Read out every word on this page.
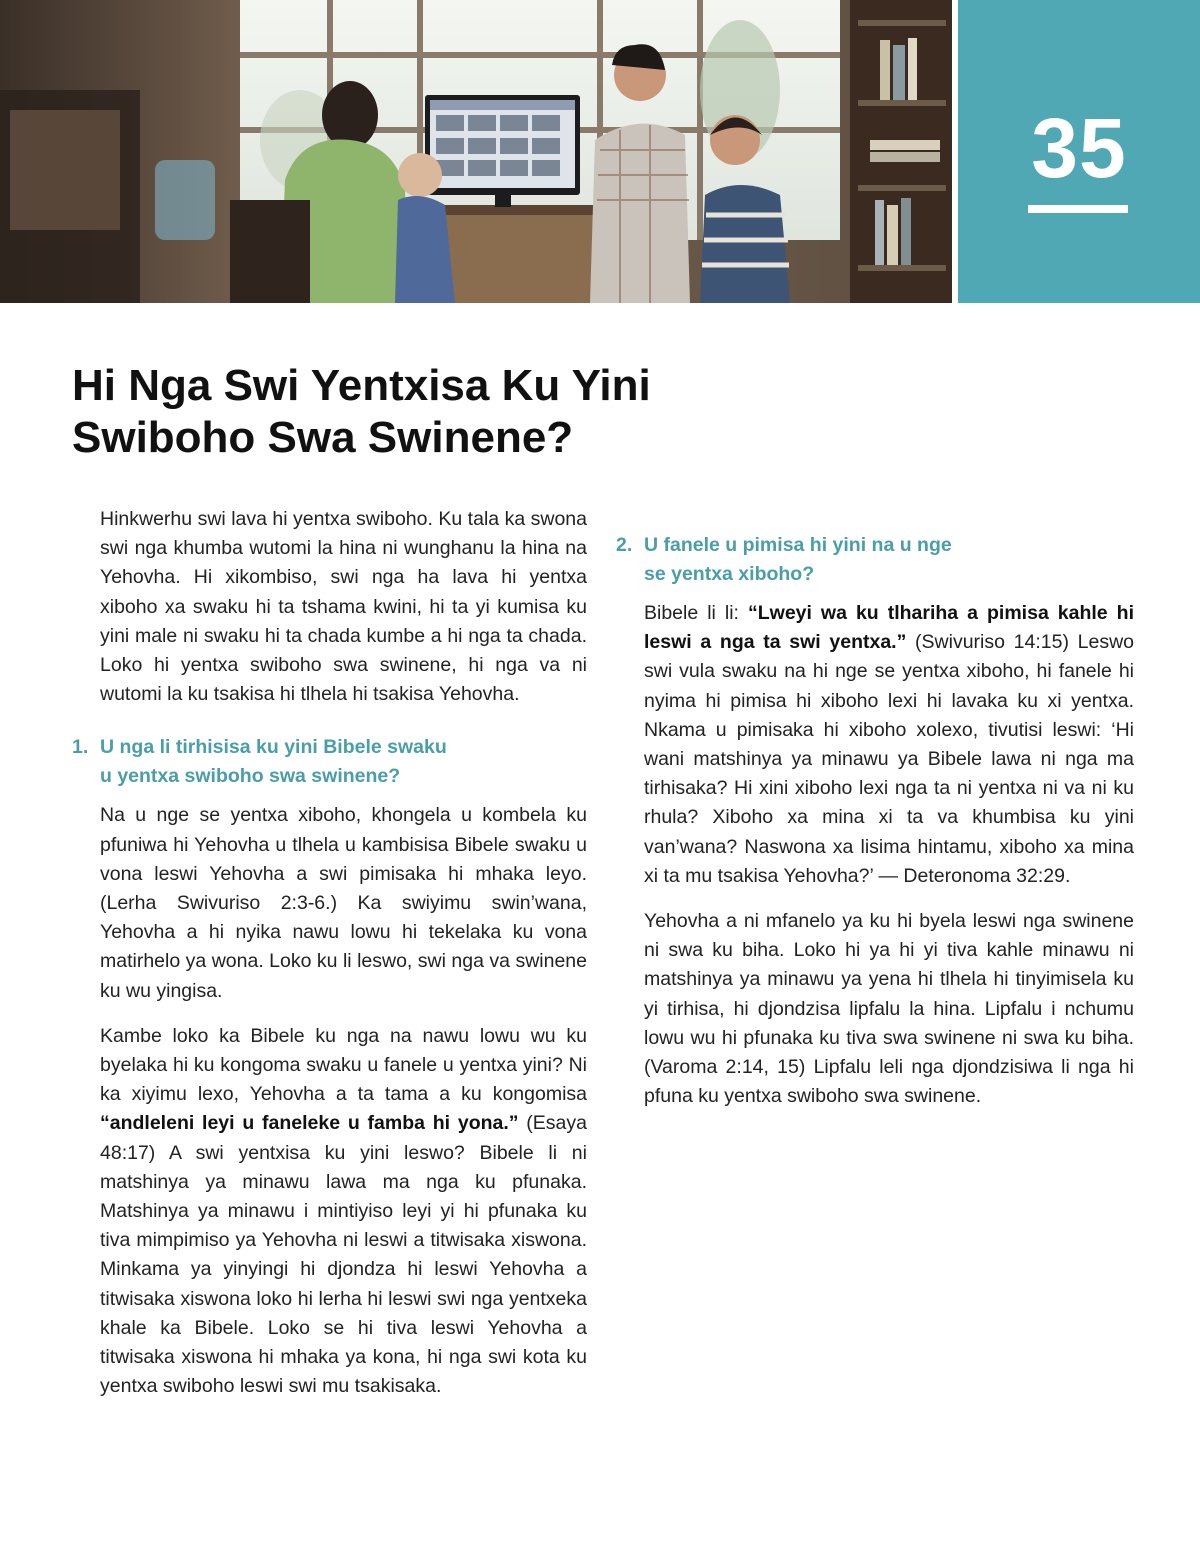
35
Hi Nga Swi Yentxisa Ku Yini
Swiboho Swa Swinene?

Hinkwerhu swi lava hi yentxa swiboho. Ku tala ka swona swi nga khumba wutomi la hina ni wunghanu la hina na Yehovha. Hi xikombiso, swi nga ha lava hi yentxa xiboho xa swaku hi ta tshama kwini, hi ta yi kumisa ku yini male ni swaku hi ta chada kumbe a hi nga ta chada. Loko hi yentxa swiboho swa swinene, hi nga va ni wutomi la ku tsakisa hi tlhela hi tsakisa Yehovha.

1. U nga li tirhisisa ku yini Bibele swaku
u yentxa swiboho swa swinene?

Na u nge se yentxa xiboho, khongela u kombela ku pfuniwa hi Yehovha u tlhela u kambisisa Bibele swaku u vona leswi Yehovha a swi pimisaka hi mhaka leyo. (Lerha Swivuriso 2:3-6.) Ka swiyimu swin’wana, Yehovha a hi nyika nawu lowu hi tekelaka ku vona matirhelo ya wona. Loko ku li leswo, swi nga va swinene ku wu yingisa.

Kambe loko ka Bibele ku nga na nawu lowu wu ku byelaka hi ku kongoma swaku u fanele u yentxa yini? Ni ka xiyimu lexo, Yehovha a ta tama a ku kongomisa “andleleni leyi u faneleke u famba hi yona.” (Esaya 48:17) A swi yentxisa ku yini leswo? Bibele li ni matshinya ya minawu lawa ma nga ku pfunaka. Matshinya ya minawu i mintiyiso leyi yi hi pfunaka ku tiva mimpimiso ya Yehovha ni leswi a titwisaka xiswona. Minkama ya yinyingi hi djondza hi leswi Yehovha a titwisaka xiswona loko hi lerha hi leswi swi nga yentxeka khale ka Bibele. Loko se hi tiva leswi Yehovha a titwisaka xiswona hi mhaka ya kona, hi nga swi kota ku yentxa swiboho leswi swi mu tsakisaka.

2. U fanele u pimisa hi yini na u nge
se yentxa xiboho?

Bibele li li: “Lweyi wa ku tlhariha a pimisa kahle hi leswi a nga ta swi yentxa.” (Swivuriso 14:15) Leswo swi vula swaku na hi nge se yentxa xiboho, hi fanele hi nyima hi pimisa hi xiboho lexi hi lavaka ku xi yentxa. Nkama u pimisaka hi xiboho xolexo, tivutisi leswi: ‘Hi wani matshinya ya minawu ya Bibele lawa ni nga ma tirhisaka? Hi xini xiboho lexi nga ta ni yentxa ni va ni ku rhula? Xiboho xa mina xi ta va khumbisa ku yini van’wana? Naswona xa lisima hintamu, xiboho xa mina xi ta mu tsakisa Yehovha?’ — Deteronoma 32:29.

Yehovha a ni mfanelo ya ku hi byela leswi nga swinene ni swa ku biha. Loko hi ya hi yi tiva kahle minawu ni matshinya ya minawu ya yena hi tlhela hi tinyimisela ku yi tirhisa, hi djondzisa lipfalu la hina. Lipfalu i nchumu lowu wu hi pfunaka ku tiva swa swinene ni swa ku biha. (Varoma 2:14, 15) Lipfalu leli nga djondzisiwa li nga hi pfuna ku yentxa swiboho swa swinene.
